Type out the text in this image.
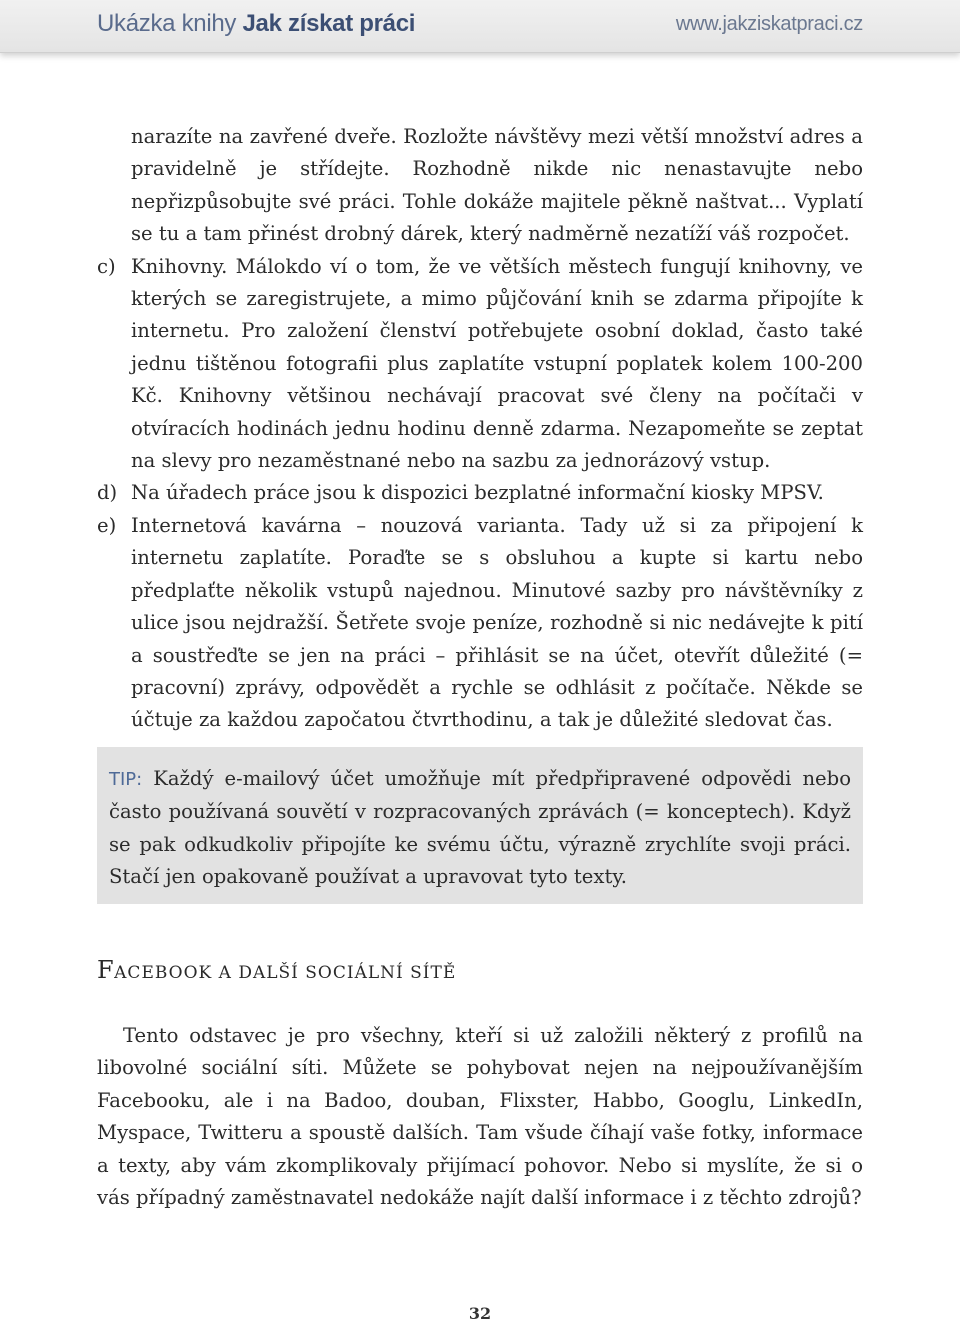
Ukázka knihy Jak získat práci	www.jakziskatpraci.cz

narazíte na zavřené dveře. Rozložte návštěvy mezi větší množství adres a pravidelně je střídejte. Rozhodně nikde nic nenastavujte nebo nepřizpůsobujte své práci. Tohle dokáže majitele pěkně naštvat... Vyplatí se tu a tam přinést drobný dárek, který nadměrně nezatíží váš rozpočet.

c) Knihovny. Málokdo ví o tom, že ve větších městech fungují knihovny, ve kterých se zaregistrujete, a mimo půjčování knih se zdarma připojíte k internetu. Pro založení členství potřebujete osobní doklad, často také jednu tištěnou fotografii plus zaplatíte vstupní poplatek kolem 100-200 Kč. Knihovny většinou nechávají pracovat své členy na počítači v otvíracích hodinách jednu hodinu denně zdarma. Nezapomeňte se zeptat na slevy pro nezaměstnané nebo na sazbu za jednorázový vstup.
d) Na úřadech práce jsou k dispozici bezplatné informační kiosky MPSV.
e) Internetová kavárna – nouzová varianta. Tady už si za připojení k internetu zaplatíte. Poraďte se s obsluhou a kupte si kartu nebo předplaťte několik vstupů najednou. Minutové sazby pro návštěvníky z ulice jsou nejdražší. Šetřete svoje peníze, rozhodně si nic nedávejte k pití a soustřeďte se jen na práci – přihlásit se na účet, otevřít důležité (= pracovní) zprávy, odpovědět a rychle se odhlásit z počítače. Někde se účtuje za každou započatou čtvrthodinu, a tak je důležité sledovat čas.
TIP: Každý e-mailový účet umožňuje mít předpřipravené odpovědi nebo často používaná souvětí v rozpracovaných zprávách (= konceptech). Když se pak odkudkoliv připojíte ke svému účtu, výrazně zrychlíte svoji práci. Stačí jen opakovaně používat a upravovat tyto texty.
FACEBOOK A DALŠÍ SOCIÁLNÍ SÍTĚ

Tento odstavec je pro všechny, kteří si už založili některý z profilů na libovolné sociální síti. Můžete se pohybovat nejen na nejpoužívanějším Facebooku, ale i na Badoo, douban, Flixster, Habbo, Googlu, LinkedIn, Myspace, Twitteru a spoustě dalších. Tam všude číhají vaše fotky, informace a texty, aby vám zkomplikovaly přijímací pohovor. Nebo si myslíte, že si o vás případný zaměstnavatel nedokáže najít další informace i z těchto zdrojů?

32
